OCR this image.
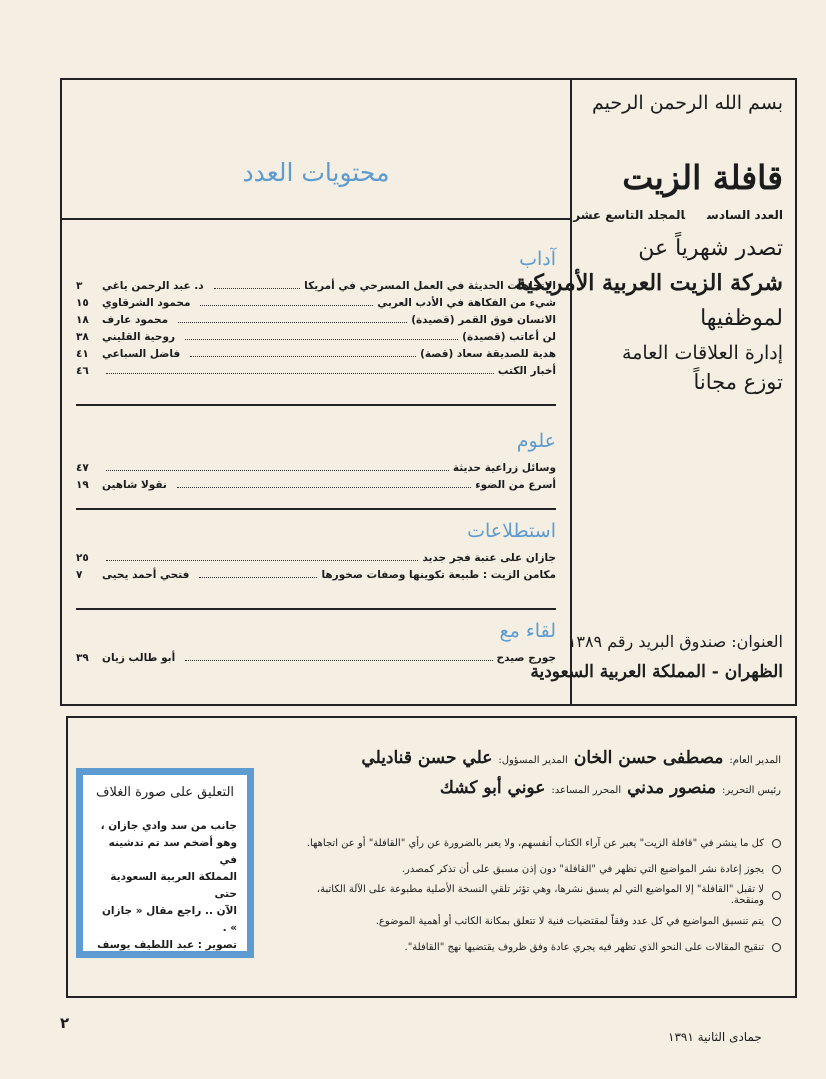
بسم الله الرحمن الرحيم
قافلة الزيت
العدد السادسالمجلد التاسع عشر
تصدر شهرياً عن
شركة الزيت العربية الأمريكية
لموظفيها
إدارة العلاقات العامة
توزع مجاناً
العنوان: صندوق البريد رقم ١٣٨٩
الظهران - المملكة العربية السعودية
محتويات العدد
آداب
الاتجاهات الحديثة في العمل المسرحي في أمريكا
د. عبد الرحمن ياغي
٣
شيء من الفكاهة في الأدب العربي
محمود الشرقاوي
١٥
الانسان فوق القمر (قصيدة)
محمود عارف
١٨
لن أعاتب (قصيدة)
روحية القليني
٣٨
هدية للصديقة سعاد (قصة)
فاضل السباعي
٤١
أخبار الكتب
٤٦
علوم
وسائل زراعية حديثة
٤٧
أسرع من الضوء
نقولا شاهين
١٩
استطلاعات
جازان على عتبة فجر جديد
٢٥
مكامن الزيت : طبيعة تكوينها وصفات صخورها
فتحي أحمد يحيى
٧
لقاء مع
جورج صيدح
أبو طالب زيان
٣٩
المدير العام:
مصطفى حسن الخان
المدير المسؤول:
علي حسن قناديلي
رئيس التحرير:
منصور مدني
المحرر المساعد:
عوني أبو كشك
كل ما ينشر في "قافلة الزيت" يعبر عن آراء الكتاب أنفسهم، ولا يعبر بالضرورة عن رأي "القافلة" أو عن اتجاهها.
يجوز إعادة نشر المواضيع التي تظهر في "القافلة" دون إذن مسبق على أن تذكر كمصدر.
لا تقبل "القافلة" إلا المواضيع التي لم يسبق نشرها، وهي تؤثر تلقي النسخة الأصلية مطبوعة على الآلة الكاتبة، ومنقحة.
يتم تنسيق المواضيع في كل عدد وفقاً لمقتضيات فنية لا تتعلق بمكانة الكاتب أو أهمية الموضوع.
تنقيح المقالات على النحو الذي تظهر فيه يجري عادة وفق ظروف يقتضيها نهج "القافلة".
التعليق على صورة الغلاف

جانب من سد وادي جازان ،

وهو أضخم سد تم تدشينه في

المملكة العربية السعودية حتى

الآن .. راجع مقال « جازان » .

تصوير : عبد اللطيف يوسف

٢
جمادى الثانية ١٣٩١
